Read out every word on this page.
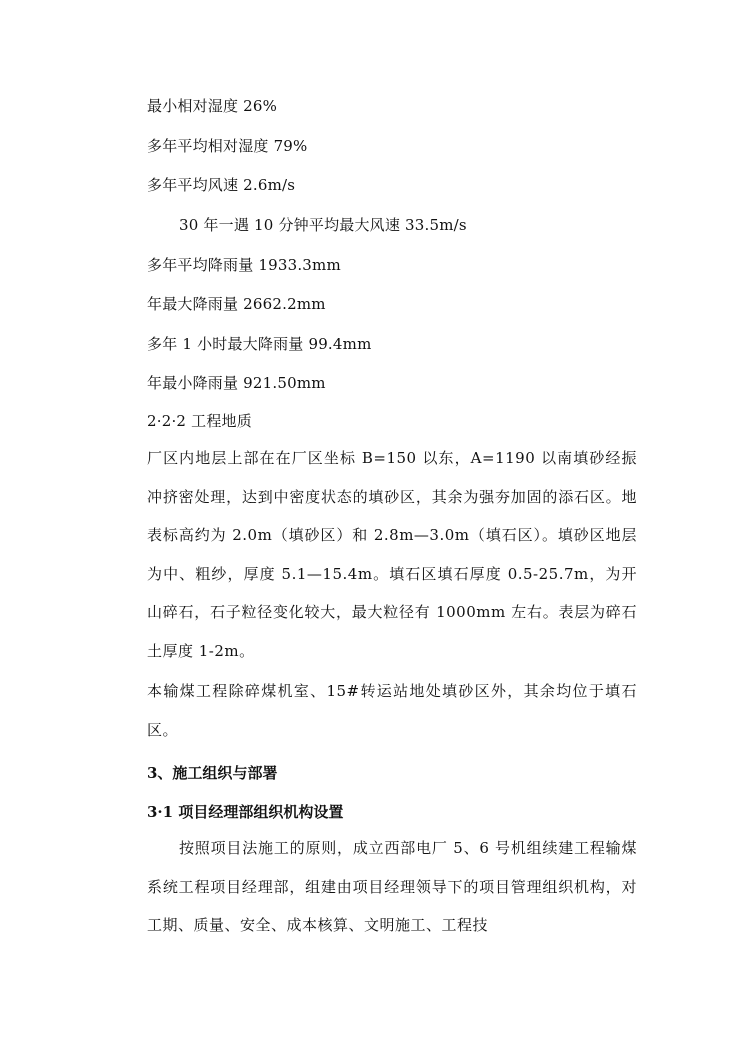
最小相对湿度 26%
多年平均相对湿度 79%
多年平均风速 2.6m/s
30 年一遇 10 分钟平均最大风速 33.5m/s
多年平均降雨量 1933.3mm
年最大降雨量 2662.2mm
多年 1 小时最大降雨量 99.4mm
年最小降雨量 921.50mm
2·2·2 工程地质
厂区内地层上部在在厂区坐标 B=150 以东，A=1190 以南填砂经振冲挤密处理，达到中密度状态的填砂区，其余为强夯加固的添石区。地表标高约为 2.0m（填砂区）和 2.8m—3.0m（填石区）。填砂区地层为中、粗纱，厚度 5.1—15.4m。填石区填石厚度 0.5-25.7m，为开山碎石，石子粒径变化较大，最大粒径有 1000mm 左右。表层为碎石土厚度 1-2m。
本输煤工程除碎煤机室、15#转运站地处填砂区外，其余均位于填石区。
3、施工组织与部署
3·1 项目经理部组织机构设置
按照项目法施工的原则，成立西部电厂 5、6 号机组续建工程输煤系统工程项目经理部，组建由项目经理领导下的项目管理组织机构，对工期、质量、安全、成本核算、文明施工、工程技
